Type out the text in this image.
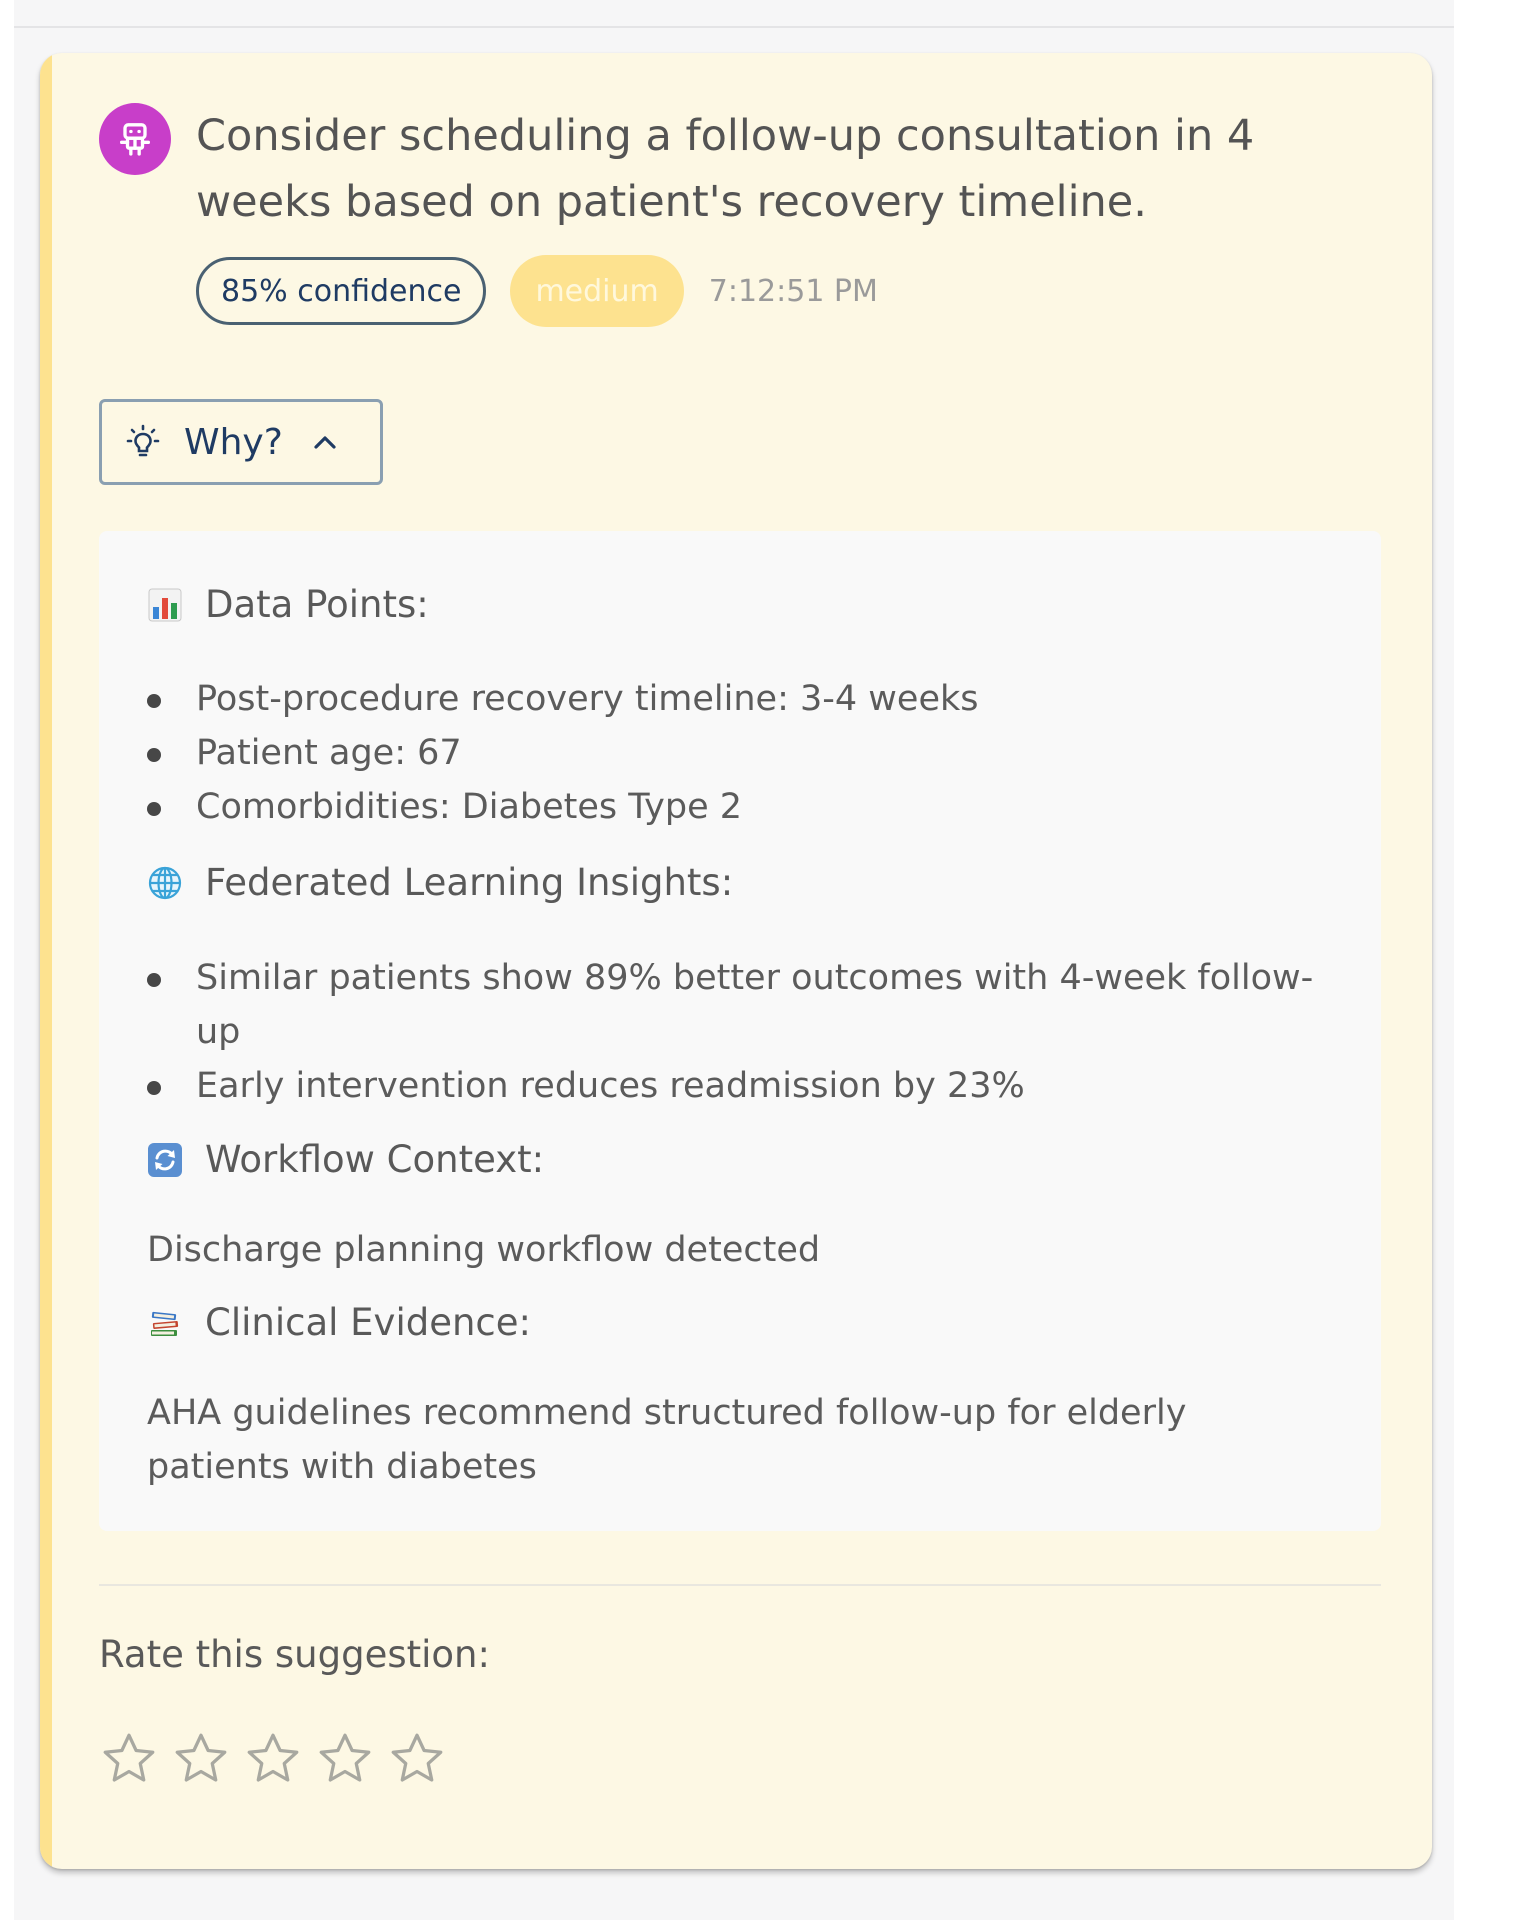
Consider scheduling a follow-up consultation in 4 weeks based on patient's recovery timeline.
85% confidence	medium	7:12:51 PM
Why?
Data Points:
Post-procedure recovery timeline: 3-4 weeks
Patient age: 67
Comorbidities: Diabetes Type 2
Federated Learning Insights:
Similar patients show 89% better outcomes with 4-week follow-up
Early intervention reduces readmission by 23%
Workflow Context:
Discharge planning workflow detected
Clinical Evidence:
AHA guidelines recommend structured follow-up for elderly patients with diabetes
Rate this suggestion:
